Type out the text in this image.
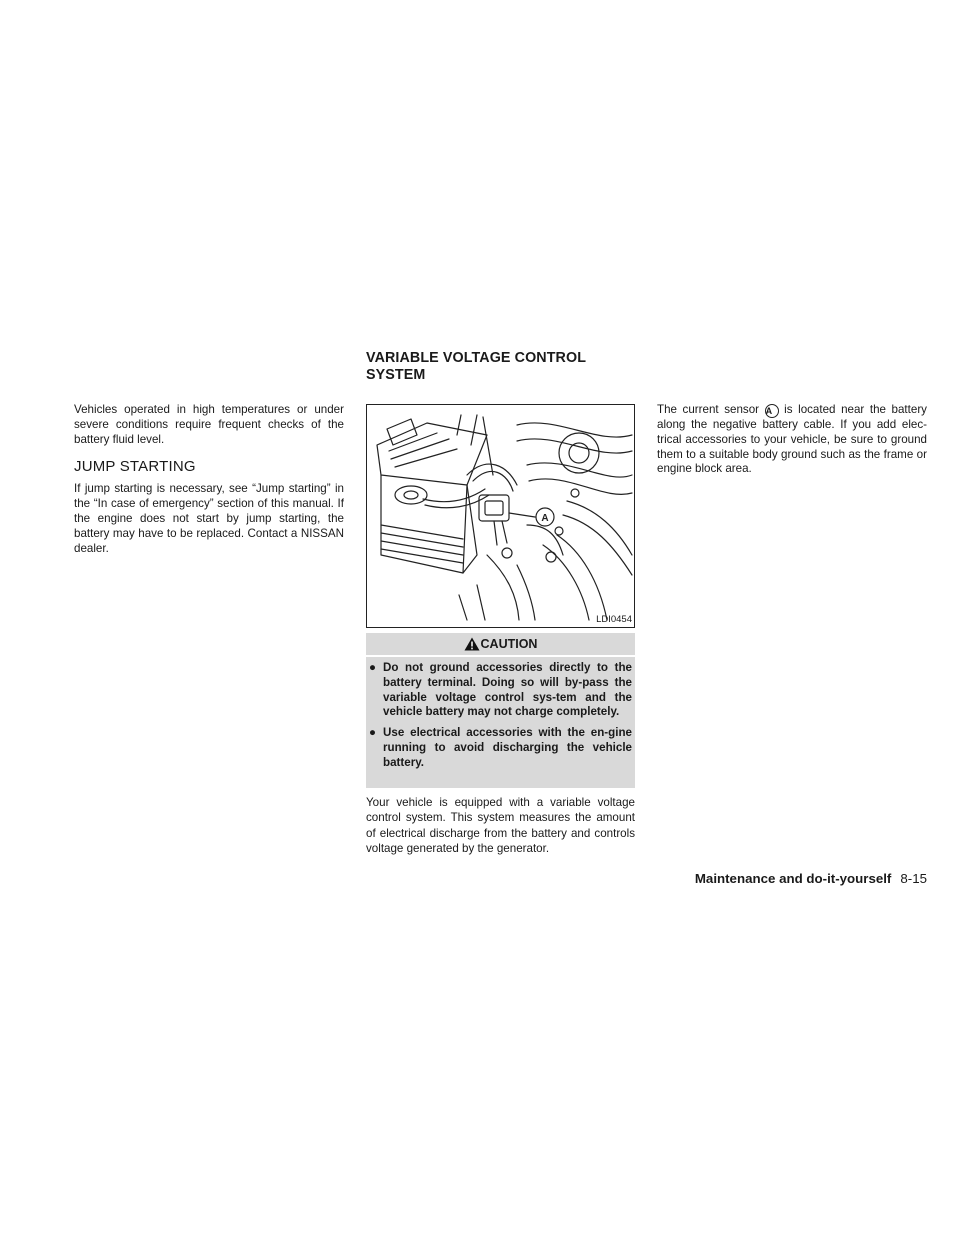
Vehicles operated in high temperatures or under severe conditions require frequent checks of the battery fluid level.

JUMP STARTING

If jump starting is necessary, see “Jump starting” in the “In case of emergency” section of this manual. If the engine does not start by jump starting, the battery may have to be replaced. Contact a NISSAN dealer.

VARIABLE VOLTAGE CONTROL SYSTEM
A
LDI0454
CAUTION
● Do not ground accessories directly to the battery terminal. Doing so will by-pass the variable voltage control sys-tem and the vehicle battery may not charge completely.
● Use electrical accessories with the en-gine running to avoid discharging the vehicle battery.

Your vehicle is equipped with a variable voltage control system. This system measures the amount of electrical discharge from the battery and controls voltage generated by the generator.

The current sensor A is located near the battery along the negative battery cable. If you add elec-trical accessories to your vehicle, be sure to ground them to a suitable body ground such as the frame or engine block area.

Maintenance and do-it-yourself 8-15
